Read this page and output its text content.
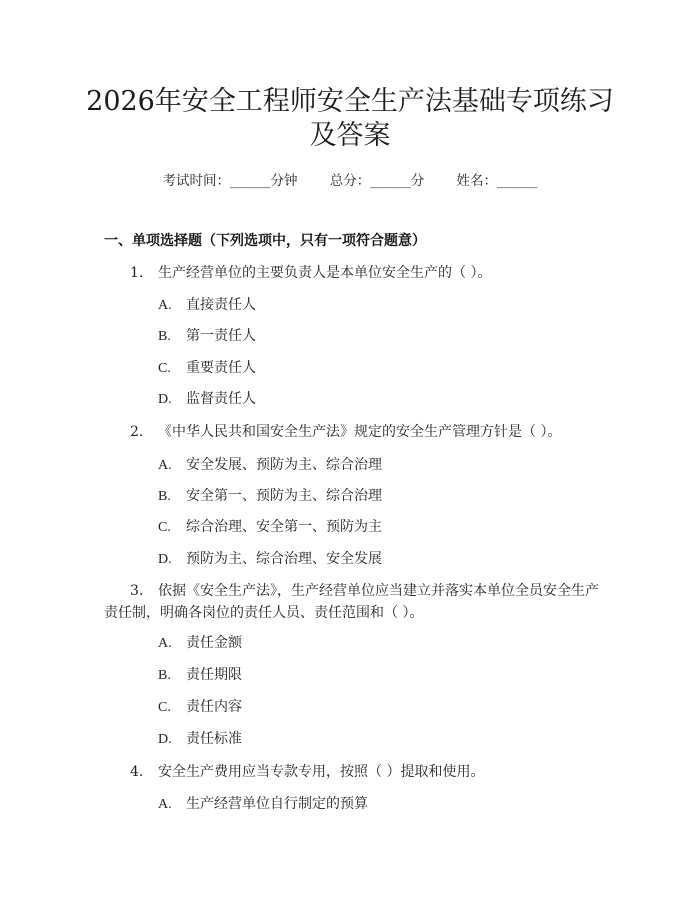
2026年安全工程师安全生产法基础专项练习
及答案
考试时间：______分钟 总分：______分 姓名：______
一、单项选择题（下列选项中，只有一项符合题意）
1. 生产经营单位的主要负责人是本单位安全生产的（ ）。
A. 直接责任人
B. 第一责任人
C. 重要责任人
D. 监督责任人
2. 《中华人民共和国安全生产法》规定的安全生产管理方针是（ ）。
A. 安全发展、预防为主、综合治理
B. 安全第一、预防为主、综合治理
C. 综合治理、安全第一、预防为主
D. 预防为主、综合治理、安全发展
3. 依据《安全生产法》，生产经营单位应当建立并落实本单位全员安全生产
责任制，明确各岗位的责任人员、责任范围和（ ）。
A. 责任金额
B. 责任期限
C. 责任内容
D. 责任标准
4. 安全生产费用应当专款专用，按照（ ）提取和使用。
A. 生产经营单位自行制定的预算
